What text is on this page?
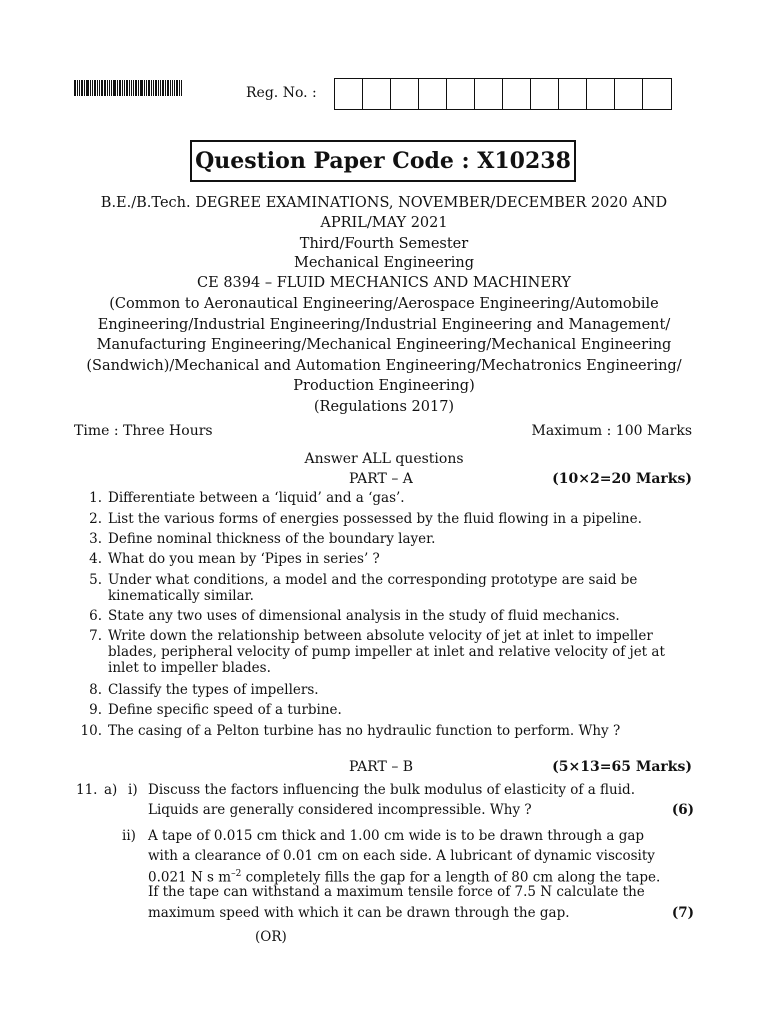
Reg. No. :
Question Paper Code : X10238
B.E./B.Tech. DEGREE EXAMINATIONS, NOVEMBER/DECEMBER 2020 AND
APRIL/MAY 2021
Third/Fourth Semester
Mechanical Engineering
CE 8394 – FLUID MECHANICS AND MACHINERY
(Common to Aeronautical Engineering/Aerospace Engineering/Automobile
Engineering/Industrial Engineering/Industrial Engineering and Management/
Manufacturing Engineering/Mechanical Engineering/Mechanical Engineering
(Sandwich)/Mechanical and Automation Engineering/Mechatronics Engineering/
Production Engineering)
(Regulations 2017)
Time : Three Hours	Maximum : 100 Marks
Answer ALL questions
PART – A	(10×2=20 Marks)
1. Differentiate between a ‘liquid’ and a ‘gas’.
2. List the various forms of energies possessed by the fluid flowing in a pipeline.
3. Define nominal thickness of the boundary layer.
4. What do you mean by ‘Pipes in series’ ?
5. Under what conditions, a model and the corresponding prototype are said be
kinematically similar.
6. State any two uses of dimensional analysis in the study of fluid mechanics.
7. Write down the relationship between absolute velocity of jet at inlet to impeller
blades, peripheral velocity of pump impeller at inlet and relative velocity of jet at
inlet to impeller blades.
8. Classify the types of impellers.
9. Define specific speed of a turbine.
10. The casing of a Pelton turbine has no hydraulic function to perform. Why ?
PART – B	(5×13=65 Marks)
11. a) i) Discuss the factors influencing the bulk modulus of elasticity of a fluid.
Liquids are generally considered incompressible. Why ?	(6)
ii) A tape of 0.015 cm thick and 1.00 cm wide is to be drawn through a gap
with a clearance of 0.01 cm on each side. A lubricant of dynamic viscosity
0.021 N s $m^{-2}$ completely fills the gap for a length of 80 cm along the tape.
If the tape can withstand a maximum tensile force of 7.5 N calculate the
maximum speed with which it can be drawn through the gap.	(7)
(OR)
